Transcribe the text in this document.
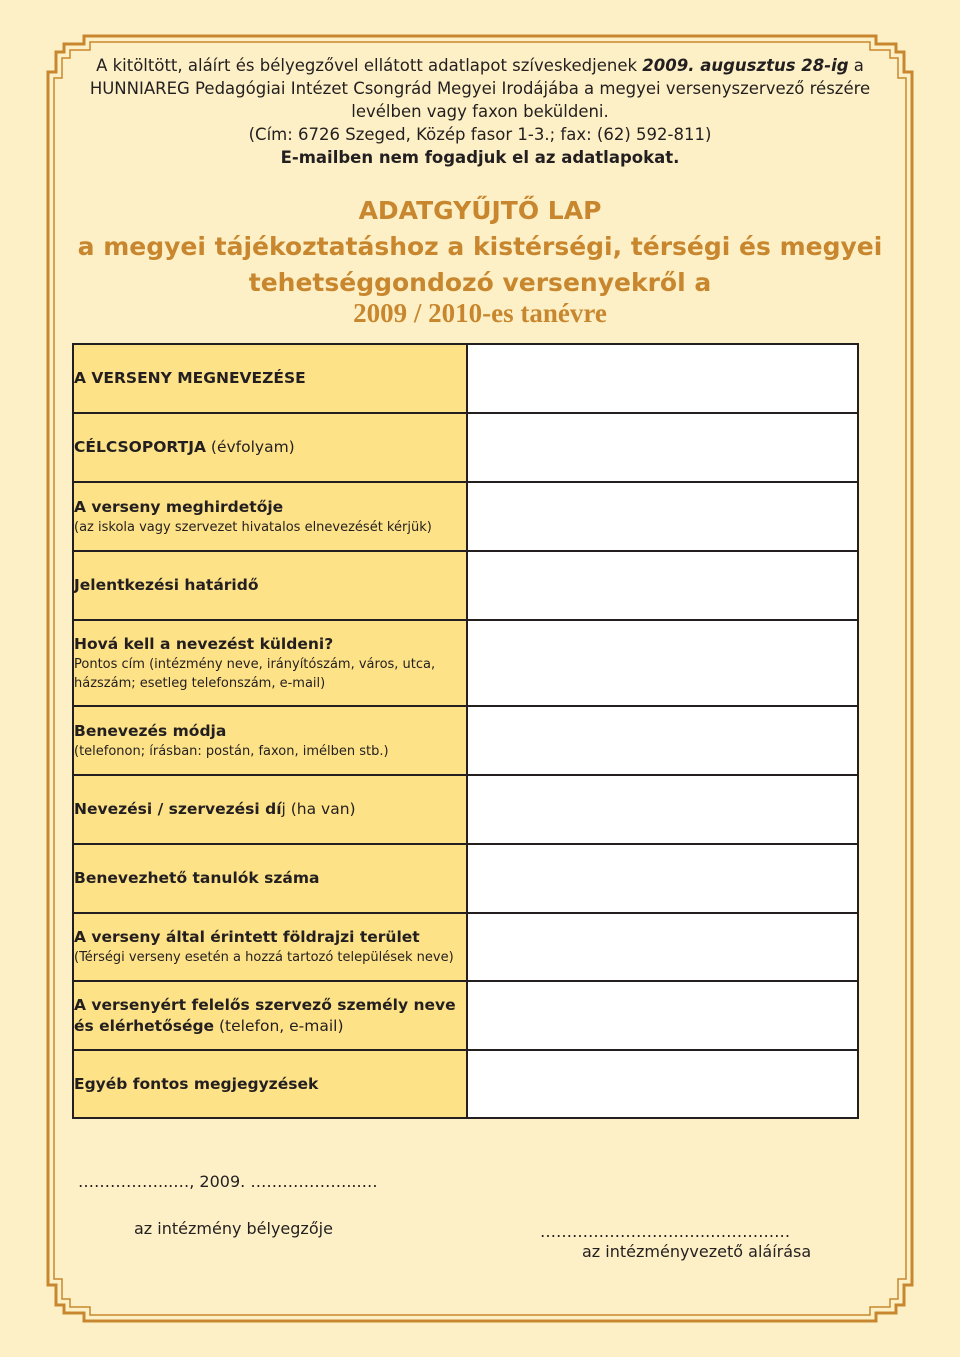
A kitöltött, aláírt és bélyegzővel ellátott adatlapot szíveskedjenek 2009. augusztus 28-ig a
HUNNIAREG Pedagógiai Intézet Csongrád Megyei Irodájába a megyei versenyszervező részére
levélben vagy faxon beküldeni.
(Cím: 6726 Szeged, Közép fasor 1-3.; fax: (62) 592-811)
E-mailben nem fogadjuk el az adatlapokat.
ADATGYŰJTŐ LAP
a megyei tájékoztatáshoz a kistérségi, térségi és megyei
tehetséggondozó versenyekről a
2009 / 2010-es tanévre
A VERSENY MEGNEVEZÉSE	

CÉLCSOPORTJA (évfolyam)	

A verseny meghirdetője
(az iskola vagy szervezet hivatalos elnevezését kérjük)	

Jelentkezési határidő	

Hová kell a nevezést küldeni?
Pontos cím (intézmény neve, irányítószám, város, utca, házszám; esetleg telefonszám, e-mail)	

Benevezés módja
(telefonon; írásban: postán, faxon, imélben stb.)	

Nevezési / szervezési díj (ha van)	

Benevezhető tanulók száma	

A verseny által érintett földrajzi terület
(Térségi verseny esetén a hozzá tartozó települések neve)	

A versenyért felelős szervező személy neve
és elérhetősége (telefon, e-mail)	

Egyéb fontos megjegyzések	

……………...…, 2009. ………………...…
az intézmény bélyegzője	…………………………..……………
az intézményvezető aláírása
